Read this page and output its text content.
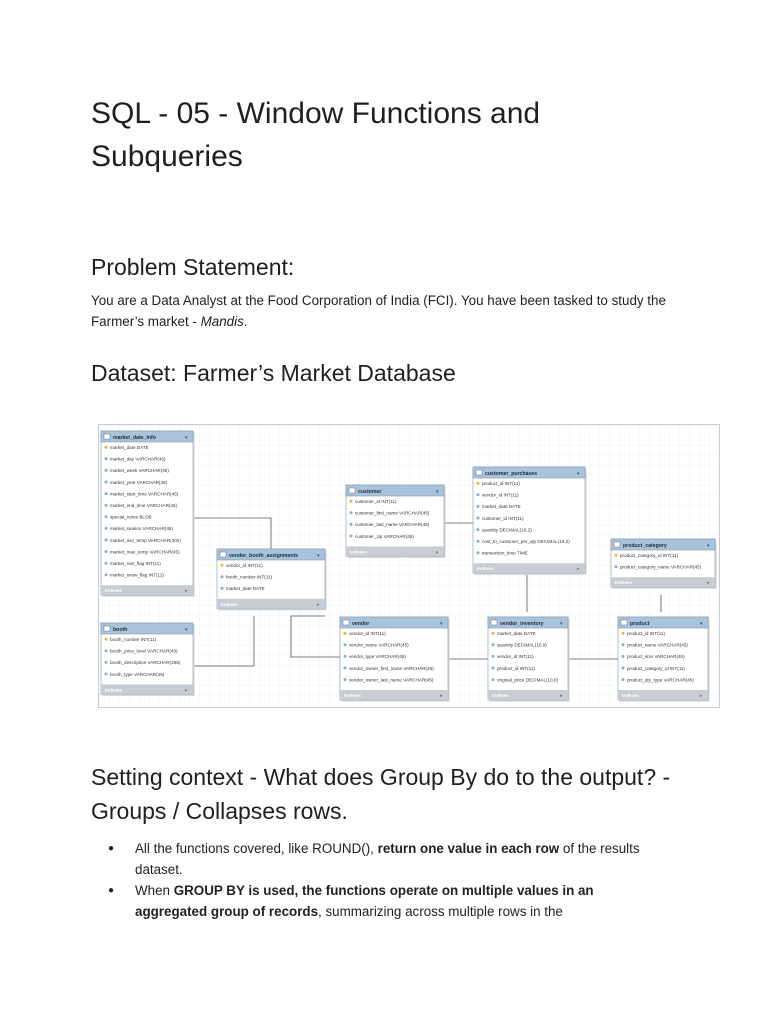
SQL - 05 - Window Functions and Subqueries
Problem Statement:

You are a Data Analyst at the Food Corporation of India (FCI). You have been tasked to study the Farmer’s market - Mandis.

Dataset: Farmer’s Market Database
market_date_info	▾
market_date DATE
market_day VARCHAR(45)
market_week VARCHAR(45)
market_year VARCHAR(45)
market_start_time VARCHAR(45)
market_end_time VARCHAR(45)
special_notes BLOB
market_season VARCHAR(45)
market_min_temp VARCHAR(200)
market_max_temp VARCHAR(45)
market_rain_flag INT(11)
market_snow_flag INT(11)
Indexes	▸
customer	▾
customer_id INT(11)
customer_first_name VARCHAR(45)
customer_last_name VARCHAR(45)
customer_zip VARCHAR(45)
Indexes	▸
customer_purchases	▾
product_id INT(11)
vendor_id INT(11)
market_date DATE
customer_id INT(11)
quantity DECIMAL(16,2)
cost_to_customer_per_qty DECIMAL(16,2)
transaction_time TIME
Indexes	▸
product_category	▾
product_category_id INT(11)
product_category_name VARCHAR(45)
Indexes	▸
vendor_booth_assignments	▾
vendor_id INT(11)
booth_number INT(11)
market_date DATE
Indexes	▸
booth	▾
booth_number INT(11)
booth_price_level VARCHAR(45)
booth_description VARCHAR(255)
booth_type VARCHAR(45)
Indexes	▸
vendor	▾
vendor_id INT(11)
vendor_name VARCHAR(45)
vendor_type VARCHAR(45)
vendor_owner_first_name VARCHAR(45)
vendor_owner_last_name VARCHAR(45)
Indexes	▸
vendor_inventory	▾
market_date DATE
quantity DECIMAL(10,0)
vendor_id INT(11)
product_id INT(11)
original_price DECIMAL(10,0)
Indexes	▸
product	▾
product_id INT(11)
product_name VARCHAR(45)
product_size VARCHAR(45)
product_category_id INT(11)
product_qty_type VARCHAR(45)
Indexes	▸
Setting context - What does Group By do to the output? - Groups / Collapses rows.
● All the functions covered, like ROUND(), return one value in each row of the results dataset.
● When GROUP BY is used, the functions operate on multiple values in an aggregated group of records, summarizing across multiple rows in the
